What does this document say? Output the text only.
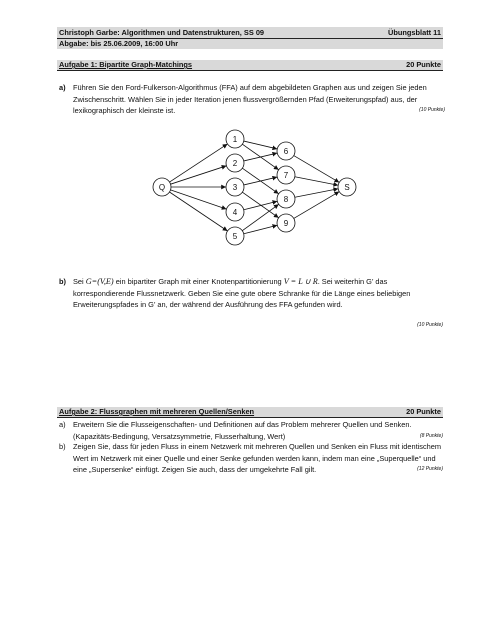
Christoph Garbe: Algorithmen und Datenstrukturen, SS 09	Übungsblatt 11
Abgabe: bis 25.06.2009, 16:00 Uhr
Aufgabe 1: Bipartite Graph-Matchings	20 Punkte
a) Führen Sie den Ford-Fulkerson-Algorithmus (FFA) auf dem abgebildeten Graphen aus und zeigen Sie jeden Zwischenschritt. Wählen Sie in jeder Iteration jenen flussvergrößernden Pfad (Erweiterungspfad) aus, der lexikographisch der kleinste ist.	(10 Punkte)
Q
1
2
3
4
5
6
7
8
9
S
b) Sei G=(V,E) ein bipartiter Graph mit einer Knotenpartitionierung V = L ∪ R. Sei weiterhin G’ das korrespondierende Flussnetzwerk. Geben Sie eine gute obere Schranke für die Länge eines beliebigen Erweiterungspfades in G’ an, der während der Ausführung des FFA gefunden wird.
(10 Punkte)
Aufgabe 2: Flussgraphen mit mehreren Quellen/Senken	20 Punkte
a) Erweitern Sie die Flusseigenschaften- und Definitionen auf das Problem mehrerer Quellen und Senken. (Kapazitäts-Bedingung, Versatzsymmetrie, Flusserhaltung, Wert)	(8 Punkte)
b) Zeigen Sie, dass für jeden Fluss in einem Netzwerk mit mehreren Quellen und Senken ein Fluss mit identischem Wert im Netzwerk mit einer Quelle und einer Senke gefunden werden kann, indem man eine „Superquelle“ und eine „Supersenke“ einfügt. Zeigen Sie auch, dass der umgekehrte Fall gilt.	(12 Punkte)
